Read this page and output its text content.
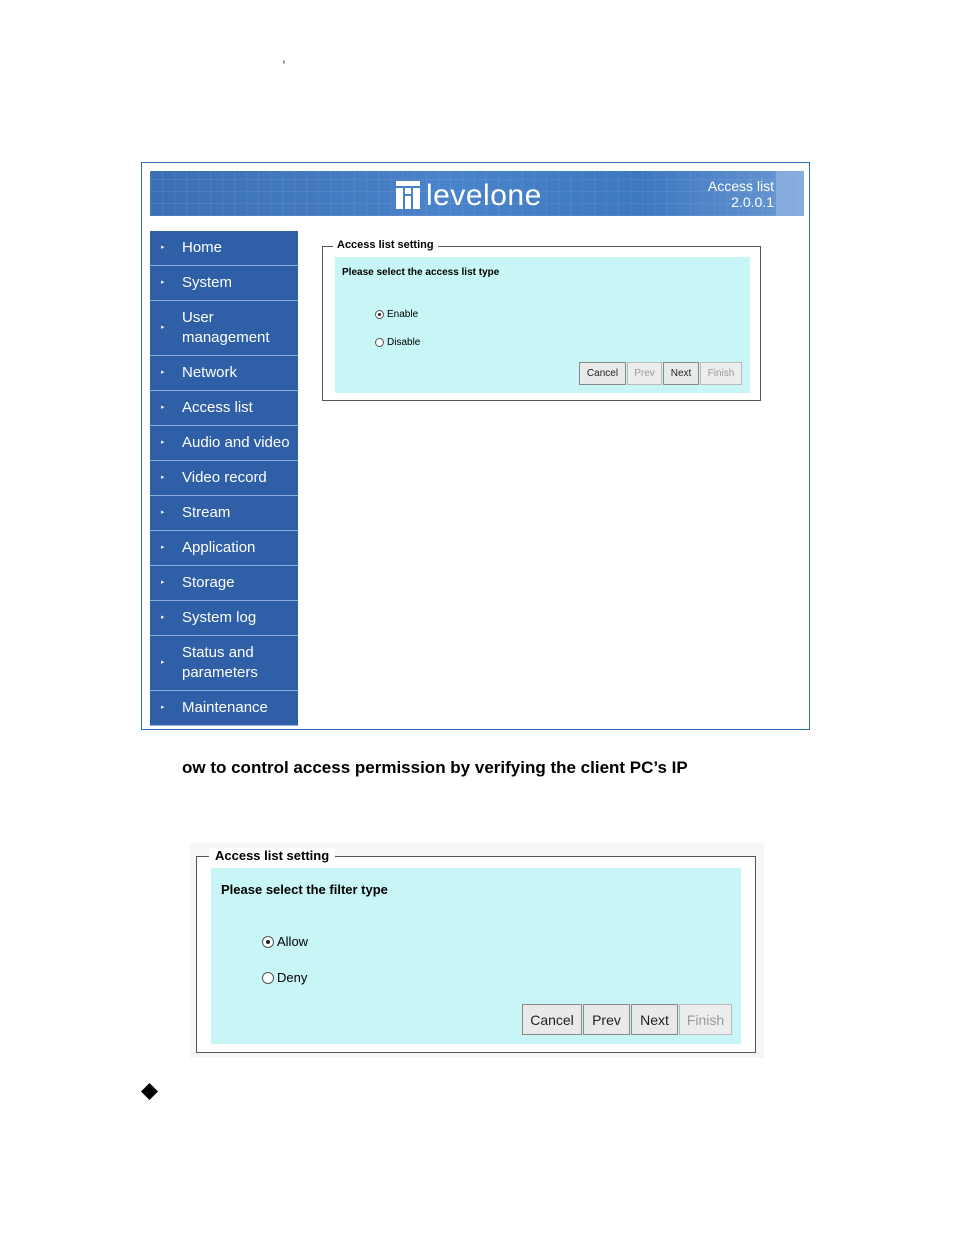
,
levelone	Access list
2.0.0.1
▸ Home
▸ System
▸
User
management
▸ Network
▸ Access list
▸ Audio and video
▸ Video record
▸ Stream
▸ Application
▸ Storage
▸ System log
▸
Status and
parameters
▸ Maintenance
Access list setting
Please select the access list type
Enable
Disable
Cancel	Prev	Next	Finish
ow to control access permission by verifying the client PC’s IP
Access list setting
Please select the filter type
Allow
Deny
Cancel	Prev	Next	Finish
